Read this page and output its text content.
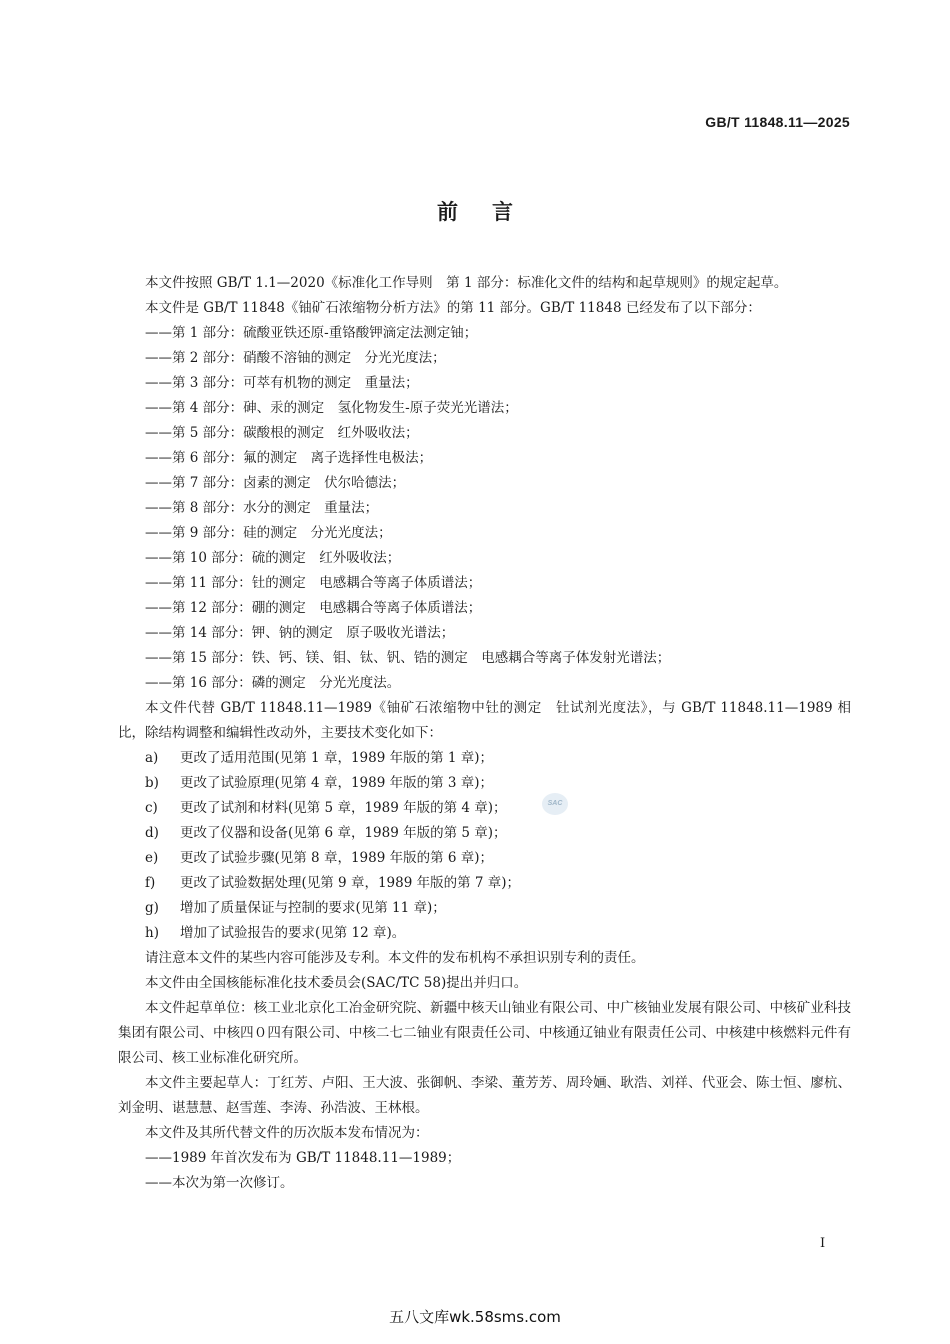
GB/T 11848.11—2025
前言

本文件按照 GB/T 1.1—2020《标准化工作导则　第 1 部分：标准化文件的结构和起草规则》的规定起草。

本文件是 GB/T 11848《铀矿石浓缩物分析方法》的第 11 部分。GB/T 11848 已经发布了以下部分：

——第 1 部分：硫酸亚铁还原-重铬酸钾滴定法测定铀；

——第 2 部分：硝酸不溶铀的测定　分光光度法；

——第 3 部分：可萃有机物的测定　重量法；

——第 4 部分：砷、汞的测定　氢化物发生-原子荧光光谱法；

——第 5 部分：碳酸根的测定　红外吸收法；

——第 6 部分：氟的测定　离子选择性电极法；

——第 7 部分：卤素的测定　伏尔哈德法；

——第 8 部分：水分的测定　重量法；

——第 9 部分：硅的测定　分光光度法；

——第 10 部分：硫的测定　红外吸收法；

——第 11 部分：钍的测定　电感耦合等离子体质谱法；

——第 12 部分：硼的测定　电感耦合等离子体质谱法；

——第 14 部分：钾、钠的测定　原子吸收光谱法；

——第 15 部分：铁、钙、镁、钼、钛、钒、锆的测定　电感耦合等离子体发射光谱法；

——第 16 部分：磷的测定　分光光度法。

本文件代替 GB/T 11848.11—1989《铀矿石浓缩物中钍的测定　钍试剂光度法》，与 GB/T 11848.11—1989 相比，除结构调整和编辑性改动外，主要技术变化如下：

a) 更改了适用范围(见第 1 章，1989 年版的第 1 章)；

b) 更改了试验原理(见第 4 章，1989 年版的第 3 章)；

c) 更改了试剂和材料(见第 5 章，1989 年版的第 4 章)；

d) 更改了仪器和设备(见第 6 章，1989 年版的第 5 章)；

e) 更改了试验步骤(见第 8 章，1989 年版的第 6 章)；

f) 更改了试验数据处理(见第 9 章，1989 年版的第 7 章)；

g) 增加了质量保证与控制的要求(见第 11 章)；

h) 增加了试验报告的要求(见第 12 章)。

请注意本文件的某些内容可能涉及专利。本文件的发布机构不承担识别专利的责任。

本文件由全国核能标准化技术委员会(SAC/TC 58)提出并归口。

本文件起草单位：核工业北京化工冶金研究院、新疆中核天山铀业有限公司、中广核铀业发展有限公司、中核矿业科技集团有限公司、中核四０四有限公司、中核二七二铀业有限责任公司、中核通辽铀业有限责任公司、中核建中核燃料元件有限公司、核工业标准化研究所。

本文件主要起草人：丁红芳、卢阳、王大波、张御帆、李梁、董芳芳、周玲婳、耿浩、刘祥、代亚会、陈士恒、廖杭、刘金明、谌慧慧、赵雪莲、李涛、孙浩波、王林根。

本文件及其所代替文件的历次版本发布情况为：

——1989 年首次发布为 GB/T 11848.11—1989；

——本次为第一次修订。

SAC
I
五八文库wk.58sms.com
